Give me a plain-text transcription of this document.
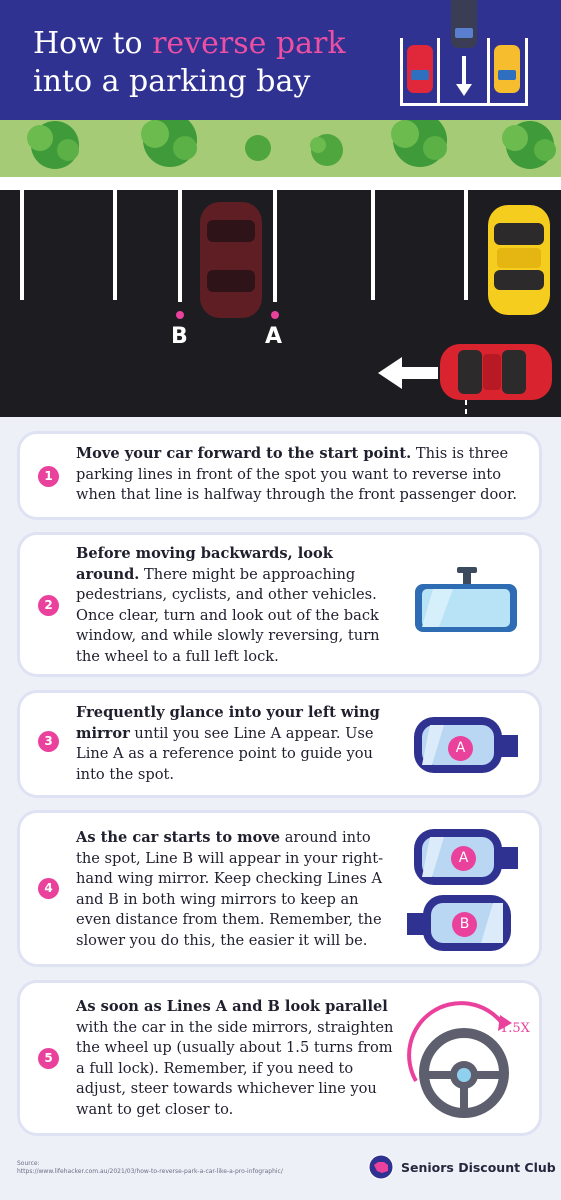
How to reverse park
into a parking bay
B	A
1
Move your car forward to the start point. This is three parking lines in front of the spot you want to reverse into when that line is halfway through the front passenger door.
2
Before moving backwards, look around. There might be approaching pedestrians, cyclists, and other vehicles. Once clear, turn and look out of the back window, and while slowly reversing, turn the wheel to a full left lock.
3
Frequently glance into your left wing mirror until you see Line A appear. Use Line A as a reference point to guide you into the spot.
A
4
As the car starts to move around into the spot, Line B will appear in your right-hand wing mirror. Keep checking Lines A and B in both wing mirrors to keep an even distance from them. Remember, the slower you do this, the easier it will be.
A
B
5
As soon as Lines A and B look parallel with the car in the side mirrors, straighten the wheel up (usually about 1.5 turns from a full lock). Remember, if you need to adjust, steer towards whichever line you want to get closer to.
1.5X
Source:
https://www.lifehacker.com.au/2021/03/how-to-reverse-park-a-car-like-a-pro-infographic/	Seniors Discount Club
